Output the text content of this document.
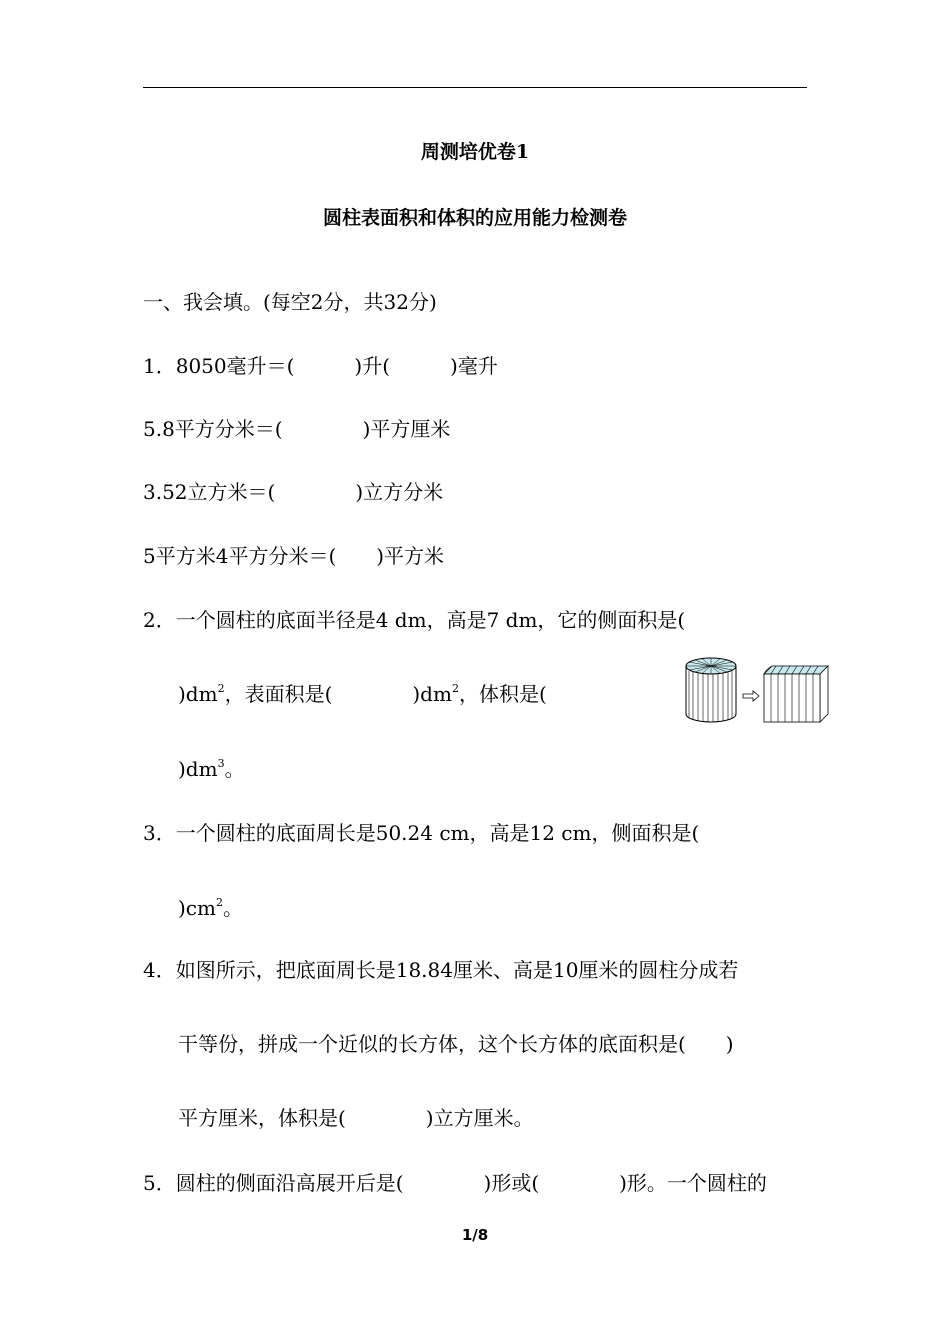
周测培优卷1
圆柱表面积和体积的应用能力检测卷
一、我会填。(每空2分，共32分)
1．8050毫升＝(　　　)升(　　　)毫升
5.8平方分米＝(　　　　)平方厘米
3.52立方米＝(　　　　)立方分米
5平方米4平方分米＝(　　)平方米
2．一个圆柱的底面半径是4 dm，高是7 dm，它的侧面积是(
)$dm^2$，表面积是(　　　　)$dm^2$，体积是(
)$dm^3$。
3．一个圆柱的底面周长是50.24 cm，高是12 cm，侧面积是(
)$cm^2$。
4．如图所示，把底面周长是18.84厘米、高是10厘米的圆柱分成若
干等份，拼成一个近似的长方体，这个长方体的底面积是(　　)
平方厘米，体积是(　　　　)立方厘米。
5．圆柱的侧面沿高展开后是(　　　　)形或(　　　　)形。一个圆柱的
1/8
